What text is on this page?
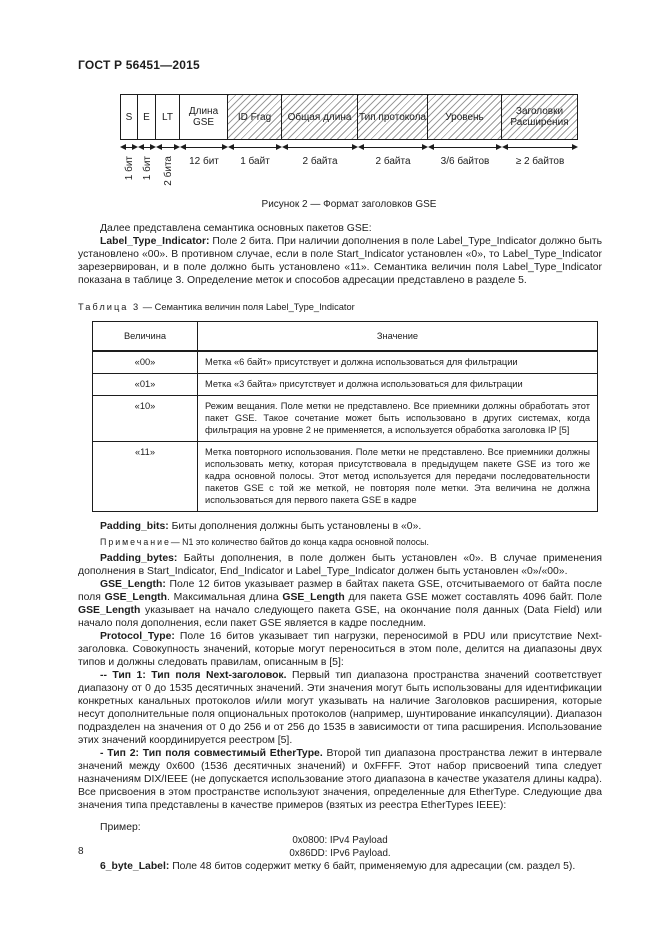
ГОСТ Р 56451—2015

S E LT	Длина GSE	ID Frag Общая длина Тип протокола Уровень	Заголовки Расширения
1 бит 1 бит 2 бита	12 бит	1 байт	2 байта	2 байта	3/6 байтов	≥ 2 байтов
Рисунок 2 — Формат заголовков GSE

Далее представлена семантика основных пакетов GSE:

Label_Type_Indicator: Поле 2 бита. При наличии дополнения в поле Label_Type_Indicator должно быть установлено «00». В противном случае, если в поле Start_Indicator установлен «0», то Label_Type_Indicator зарезервирован, и в поле должно быть установлено «11». Семантика величин поля Label_Type_Indicator показана в таблице 3. Определение меток и способов адресации представлено в разделе 5.

Таблица 3 — Семантика величин поля Label_Type_Indicator

Величина	Значение
«00»	Метка «6 байт» присутствует и должна использоваться для фильтрации
«01»	Метка «3 байта» присутствует и должна использоваться для фильтрации
«10»	Режим вещания. Поле метки не представлено. Все приемники должны обработать этот пакет GSE. Такое сочетание может быть использовано в других системах, когда фильтрация на уровне 2 не применяется, а используется обработка заголовка IP [5]
«11»	Метка повторного использования. Поле метки не представлено. Все приемники должны использовать метку, которая присутствовала в предыдущем пакете GSE из того же кадра основной полосы. Этот метод используется для передачи последовательности пакетов GSE с той же меткой, не повторяя поле метки. Эта величина не должна использоваться для первого пакета GSE в кадре

Padding_bits: Биты дополнения должны быть установлены в «0».

Примечание— N1 это количество байтов до конца кадра основной полосы.

Padding_bytes: Байты дополнения, в поле должен быть установлен «0». В случае применения дополнения в Start_Indicator, End_Indicator и Label_Type_Indicator должен быть установлен «0»/«00».

GSE_Length: Поле 12 битов указывает размер в байтах пакета GSE, отсчитываемого от байта после поля GSE_Length. Максимальная длина GSE_Length для пакета GSE может составлять 4096 байт. Поле GSE_Length указывает на начало следующего пакета GSE, на окончание поля данных (Data Field) или начало поля дополнения, если пакет GSE является в кадре последним.

Protocol_Type: Поле 16 битов указывает тип нагрузки, переносимой в PDU или присутствие Next-заголовка. Совокупность значений, которые могут переноситься в этом поле, делится на диапазоны двух типов и должны следовать правилам, описанным в [5]:

-- Тип 1: Тип поля Next-заголовок. Первый тип диапазона пространства значений соответствует диапазону от 0 до 1535 десятичных значений. Эти значения могут быть использованы для идентификации конкретных канальных протоколов и/или могут указывать на наличие Заголовков расширения, которые несут дополнительные поля опциональных протоколов (например, шунтирование инкапсуляции). Диапазон подразделен на значения от 0 до 256 и от 256 до 1535 в зависимости от типа расширения. Использование этих значений координируется реестром [5].

- Тип 2: Тип поля совместимый EtherType. Второй тип диапазона пространства лежит в интервале значений между 0x600 (1536 десятичных значений) и 0xFFFF. Этот набор присвоений типа следует назначениям DIX/IEEE (не допускается использование этого диапазона в качестве указателя длины кадра). Все присвоения в этом пространстве используют значения, определенные для EtherType. Следующие два значения типа представлены в качестве примеров (взятых из реестра EtherTypes IEEE):

Пример:

0x0800: IPv4 Payload

0x86DD: IPv6 Payload.

6_byte_Label: Поле 48 битов содержит метку 6 байт, применяемую для адресации (см. раздел 5).

8
